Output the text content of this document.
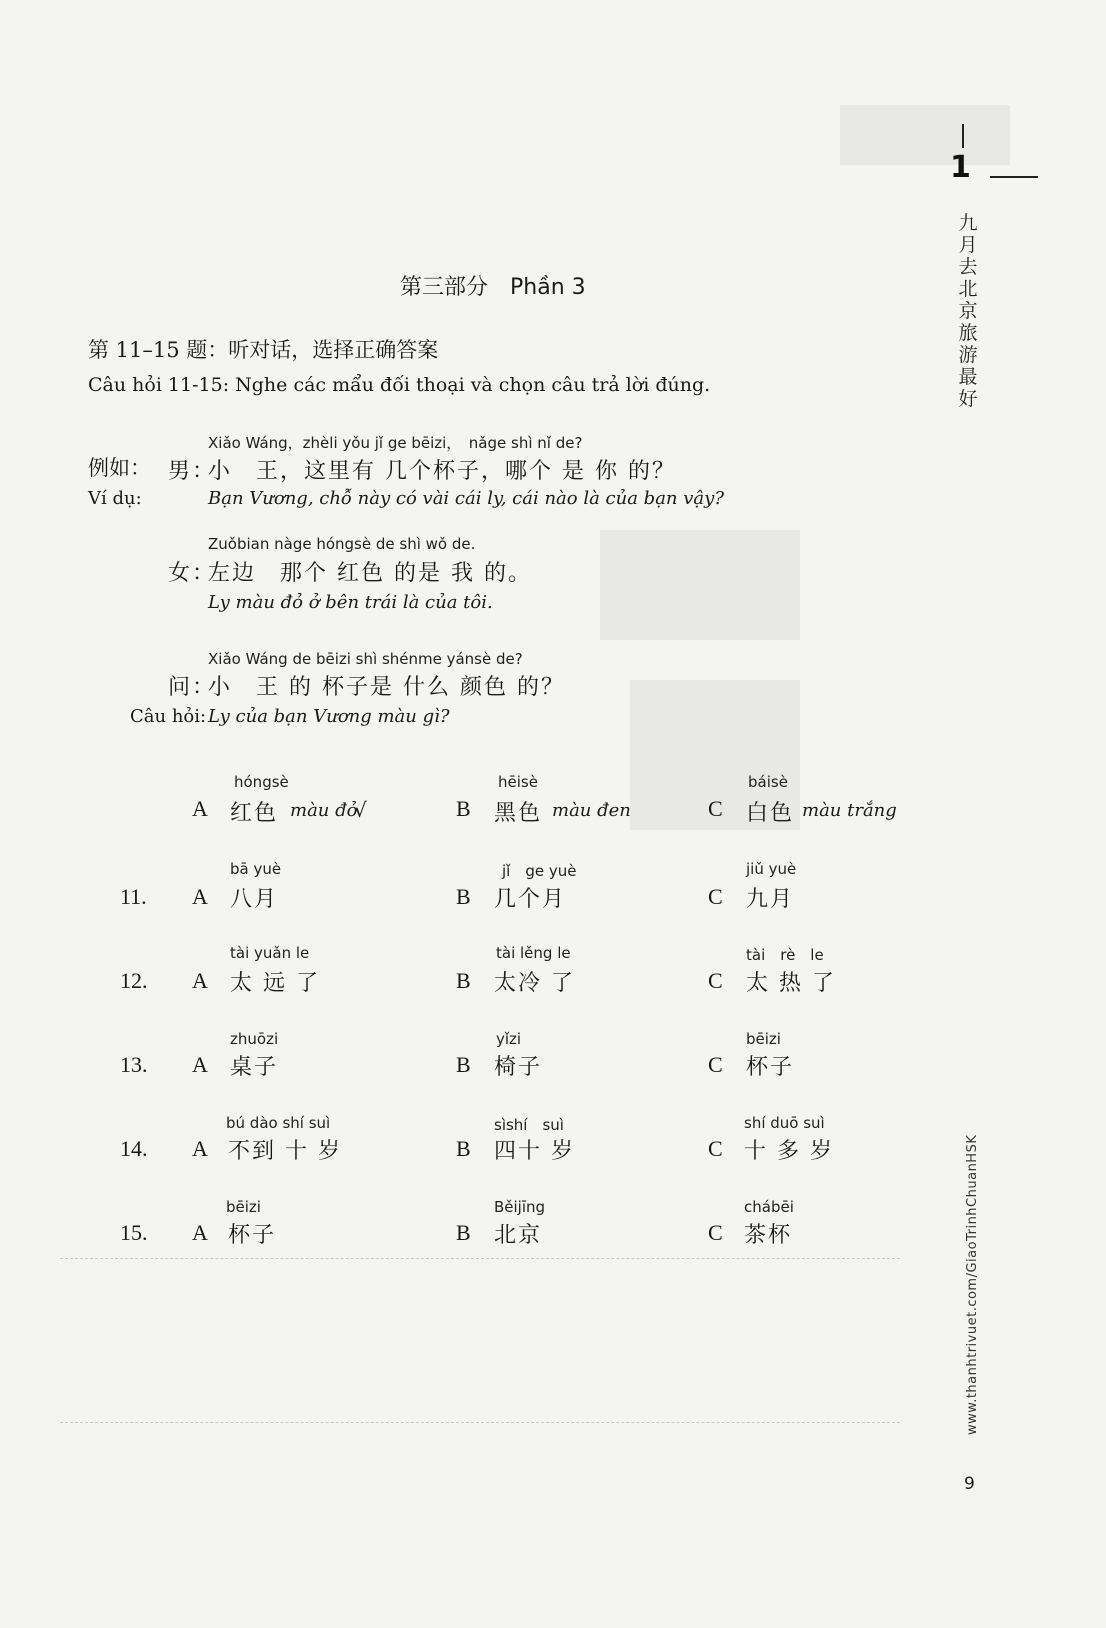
1
九月去北京旅游最好
www.thanhtrivuet.com/GiaoTrinhChuanHSK
9
第三部分　Phần 3
第 11–15 题：听对话，选择正确答案
Câu hỏi 11-15: Nghe các mẩu đối thoại và chọn câu trả lời đúng.
Xiǎo Wáng，zhèli yǒu jǐ ge bēizi，　nǎge shì nǐ de?
例如： 男：
小　王，这里有 几个杯子，哪个 是 你 的？
Ví dụ:	Bạn Vương, chỗ này có vài cái ly, cái nào là của bạn vậy?
Zuǒbian nàge hóngsè de shì wǒ de.
女：
左边　那个 红色 的是 我 的。
Ly màu đỏ ở bên trái là của tôi.
Xiǎo Wáng de bēizi shì shénme yánsè de?
问：
小　王 的 杯子是 什么 颜色 的？
Câu hỏi: Ly của bạn Vương màu gì?
hóngsè
A 红色 màu đỏ
√
hēisè
B 黑色 màu đen
báisè
C 白色 màu trắng
11.
bā yuè
A 八月
jǐ　ge yuè
B 几个月
jiǔ yuè
C 九月
12.
tài yuǎn le
A 太 远 了
tài lěng le
B 太冷 了
tài　rè　le
C 太 热 了
13.
zhuōzi
A 桌子
yǐzi
B 椅子
bēizi
C 杯子
14.
bú dào shí suì
A 不到 十 岁
sìshí　suì
B 四十 岁
shí duō suì
C 十 多 岁
15.
bēizi
A 杯子
Běijīng
B 北京
chábēi
C 茶杯
